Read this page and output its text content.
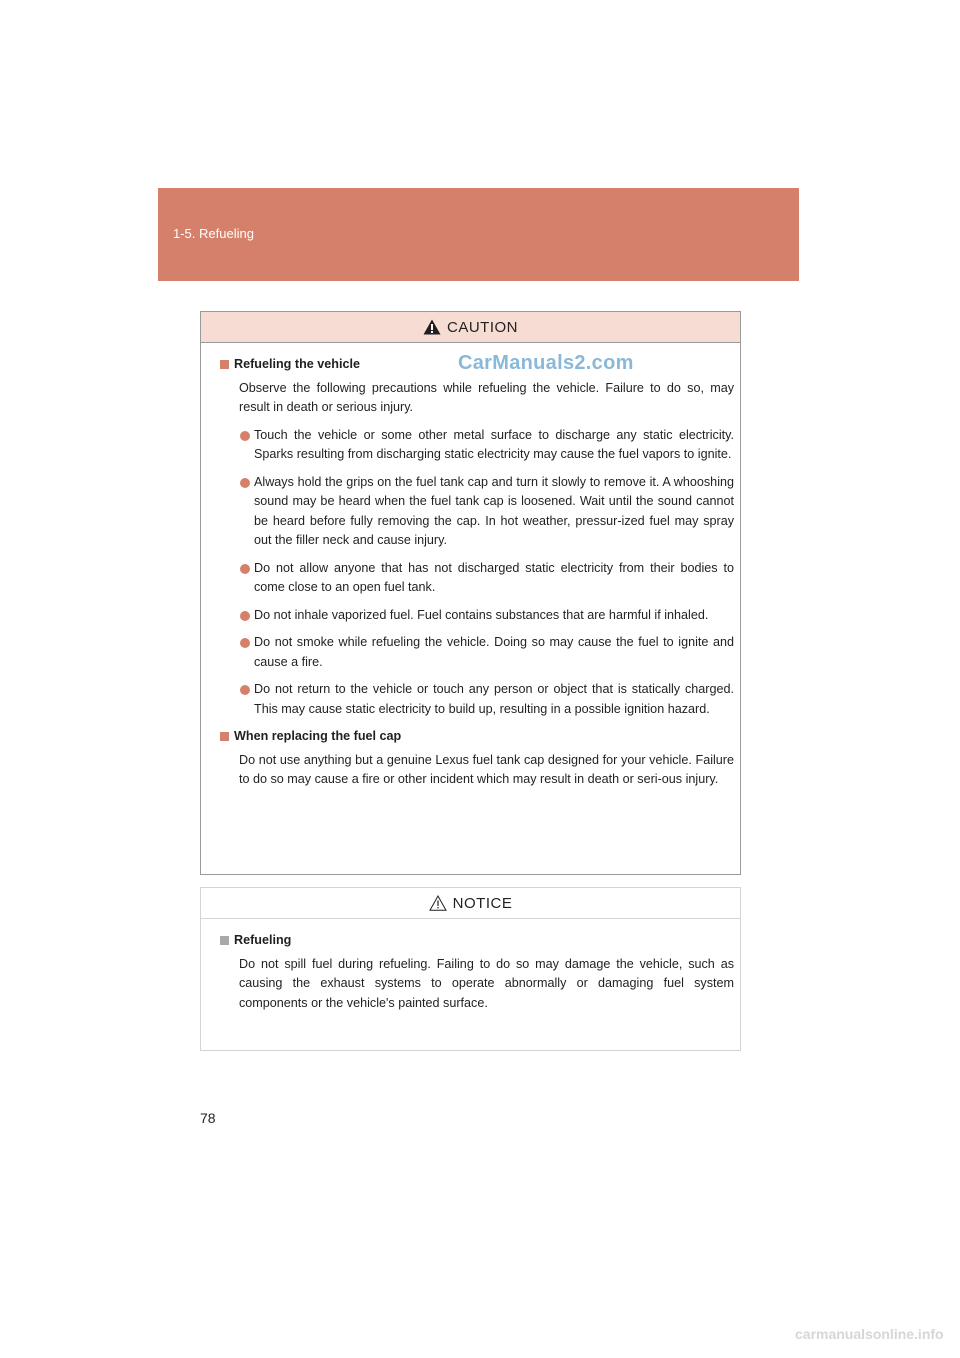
1-5. Refueling
CAUTION
Refueling the vehicle
Observe the following precautions while refueling the vehicle. Failure to do so, may result in death or serious injury.
Touch the vehicle or some other metal surface to discharge any static electricity. Sparks resulting from discharging static electricity may cause the fuel vapors to ignite.
Always hold the grips on the fuel tank cap and turn it slowly to remove it. A whooshing sound may be heard when the fuel tank cap is loosened. Wait until the sound cannot be heard before fully removing the cap. In hot weather, pressur-ized fuel may spray out the filler neck and cause injury.
Do not allow anyone that has not discharged static electricity from their bodies to come close to an open fuel tank.
Do not inhale vaporized fuel. Fuel contains substances that are harmful if inhaled.
Do not smoke while refueling the vehicle. Doing so may cause the fuel to ignite and cause a fire.
Do not return to the vehicle or touch any person or object that is statically charged. This may cause static electricity to build up, resulting in a possible ignition hazard.
When replacing the fuel cap
Do not use anything but a genuine Lexus fuel tank cap designed for your vehicle. Failure to do so may cause a fire or other incident which may result in death or seri-ous injury.
CarManuals2.com
NOTICE
Refueling
Do not spill fuel during refueling. Failing to do so may damage the vehicle, such as causing the exhaust systems to operate abnormally or damaging fuel system components or the vehicle's painted surface.
78
carmanualsonline.info
